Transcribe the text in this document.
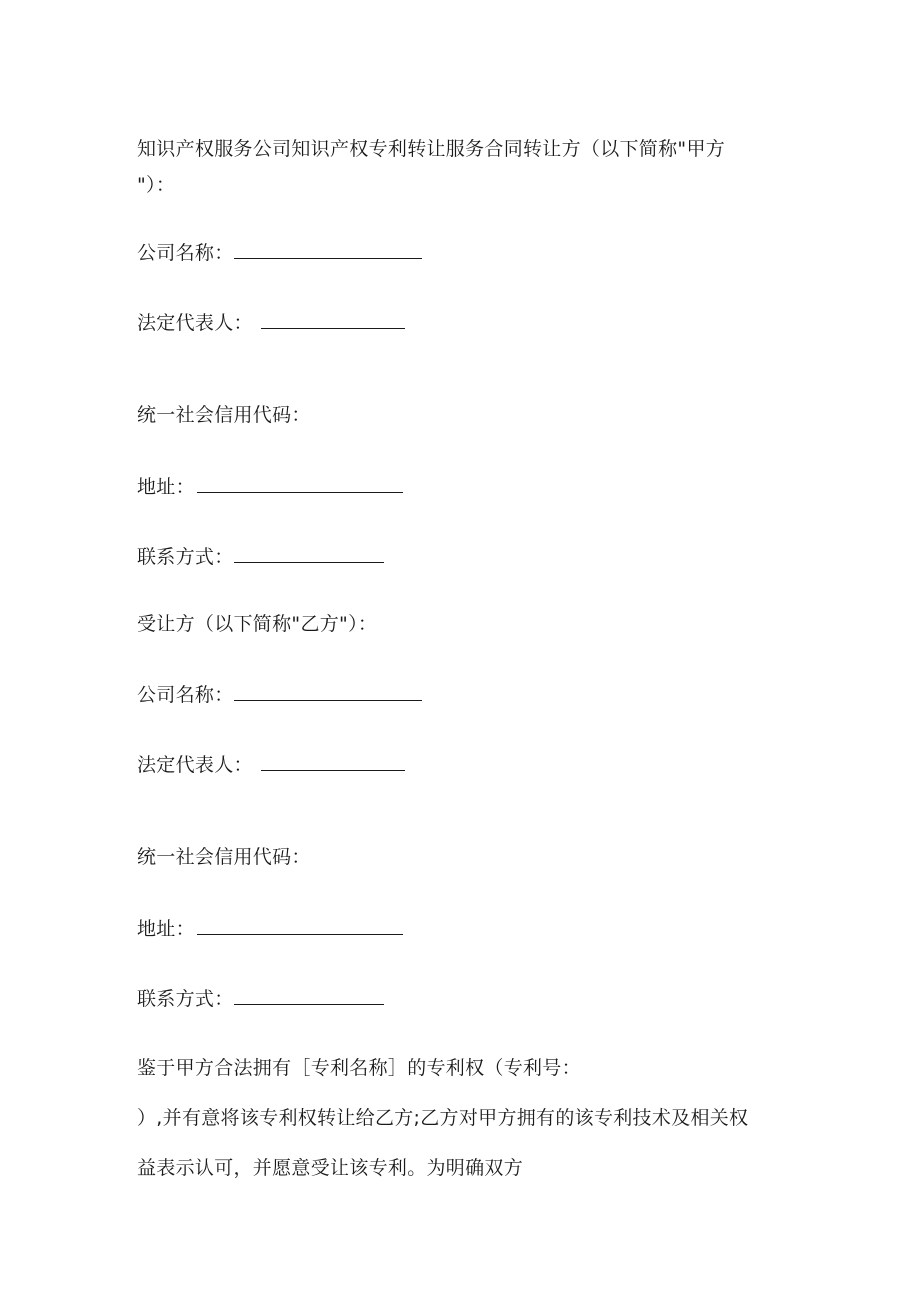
知识产权服务公司知识产权专利转让服务合同转让方（以下简称"甲方
"）：
公司名称：
法定代表人：
统一社会信用代码：
地址：
联系方式：
受让方（以下简称"乙方"）：
公司名称：
法定代表人：
统一社会信用代码：
地址：
联系方式：
鉴于甲方合法拥有［专利名称］的专利权（专利号：
）,并有意将该专利权转让给乙方;乙方对甲方拥有的该专利技术及相关权
益表示认可，并愿意受让该专利。为明确双方
